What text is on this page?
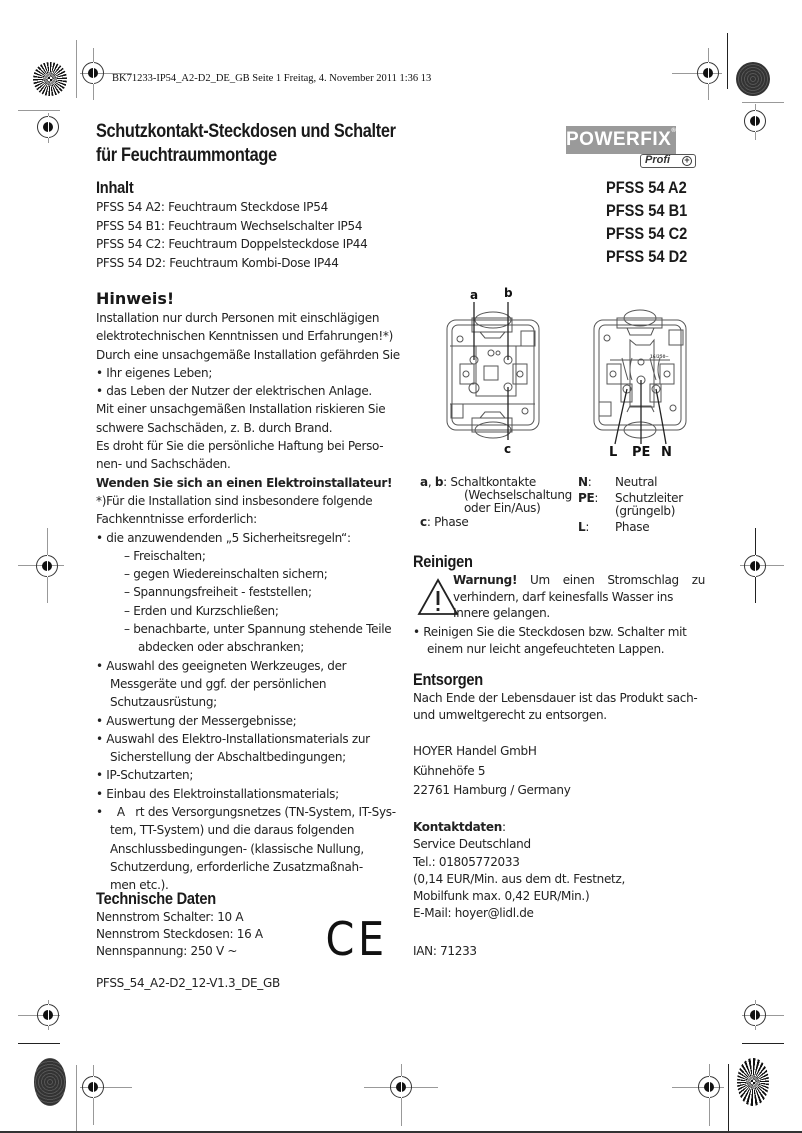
BK71233-IP54_A2-D2_DE_GB Seite 1 Freitag, 4. November 2011 1:36 13
Schutzkontakt-Steckdosen und Schalter
für Feuchtraummontage
POWERFIX®
Profi +
PFSS 54 A2
PFSS 54 B1
PFSS 54 C2
PFSS 54 D2
Inhalt

PFSS 54 A2: Feuchtraum Steckdose IP54

PFSS 54 B1: Feuchtraum Wechselschalter IP54

PFSS 54 C2: Feuchtraum Doppelsteckdose IP44

PFSS 54 D2: Feuchtraum Kombi-Dose IP44

Hinweis!

Installation nur durch Personen mit einschlägigen

elektrotechnischen Kenntnissen und Erfahrungen!*)

Durch eine unsachgemäße Installation gefährden Sie

• Ihr eigenes Leben;

• das Leben der Nutzer der elektrischen Anlage.

Mit einer unsachgemäßen Installation riskieren Sie

schwere Sachschäden, z. B. durch Brand.

Es droht für Sie die persönliche Haftung bei Perso-

nen- und Sachschäden.

Wenden Sie sich an einen Elektroinstallateur!

*)Für die Installation sind insbesondere folgende

Fachkenntnisse erforderlich:

• die anzuwendenden „5 Sicherheitsregeln“:

– Freischalten;

– gegen Wiedereinschalten sichern;

– Spannungsfreiheit - feststellen;

– Erden und Kurzschließen;

– benachbarte, unter Spannung stehende Teile

abdecken oder abschranken;

• Auswahl des geeigneten Werkzeuges, der

Messgeräte und ggf. der persönlichen

Schutzausrüstung;

• Auswertung der Messergebnisse;

• Auswahl des Elektro-Installationsmaterials zur

Sicherstellung der Abschaltbedingungen;

• IP-Schutzarten;

• Einbau des Elektroinstallationsmaterials;

•    A   rt des Versorgungsnetzes (TN-System, IT-Sys-

tem, TT-System) und die daraus folgenden

Anschlussbedingungen- (klassische Nullung,

Schutzerdung, erforderliche Zusatzmaßnah-

men etc.).

Technische Daten

Nennstrom Schalter: 10 A

Nennstrom Steckdosen: 16 A

Nennspannung: 250 V ~	CE
PFSS_54_A2-D2_12-V1.3_DE_GB
a b
c
16/250~
L PE N
a, b: Schaltkontakte
(Wechselschaltung
oder Ein/Aus)
c: Phase
N: Neutral
PE: Schutzleiter
(grüngelb)
L: Phase
Reinigen
Warnung! Um einen Stromschlag zu
verhindern, darf keinesfalls Wasser ins
Innere gelangen.

• Reinigen Sie die Steckdosen bzw. Schalter mit

einem nur leicht angefeuchteten Lappen.

Entsorgen

Nach Ende der Lebensdauer ist das Produkt sach-

und umweltgerecht zu entsorgen.

HOYER Handel GmbH

Kühnehöfe 5

22761 Hamburg / Germany

Kontaktdaten:

Service Deutschland

Tel.: 01805772033

(0,14 EUR/Min. aus dem dt. Festnetz,

Mobilfunk max. 0,42 EUR/Min.)

E-Mail: hoyer@lidl.de

IAN: 71233
